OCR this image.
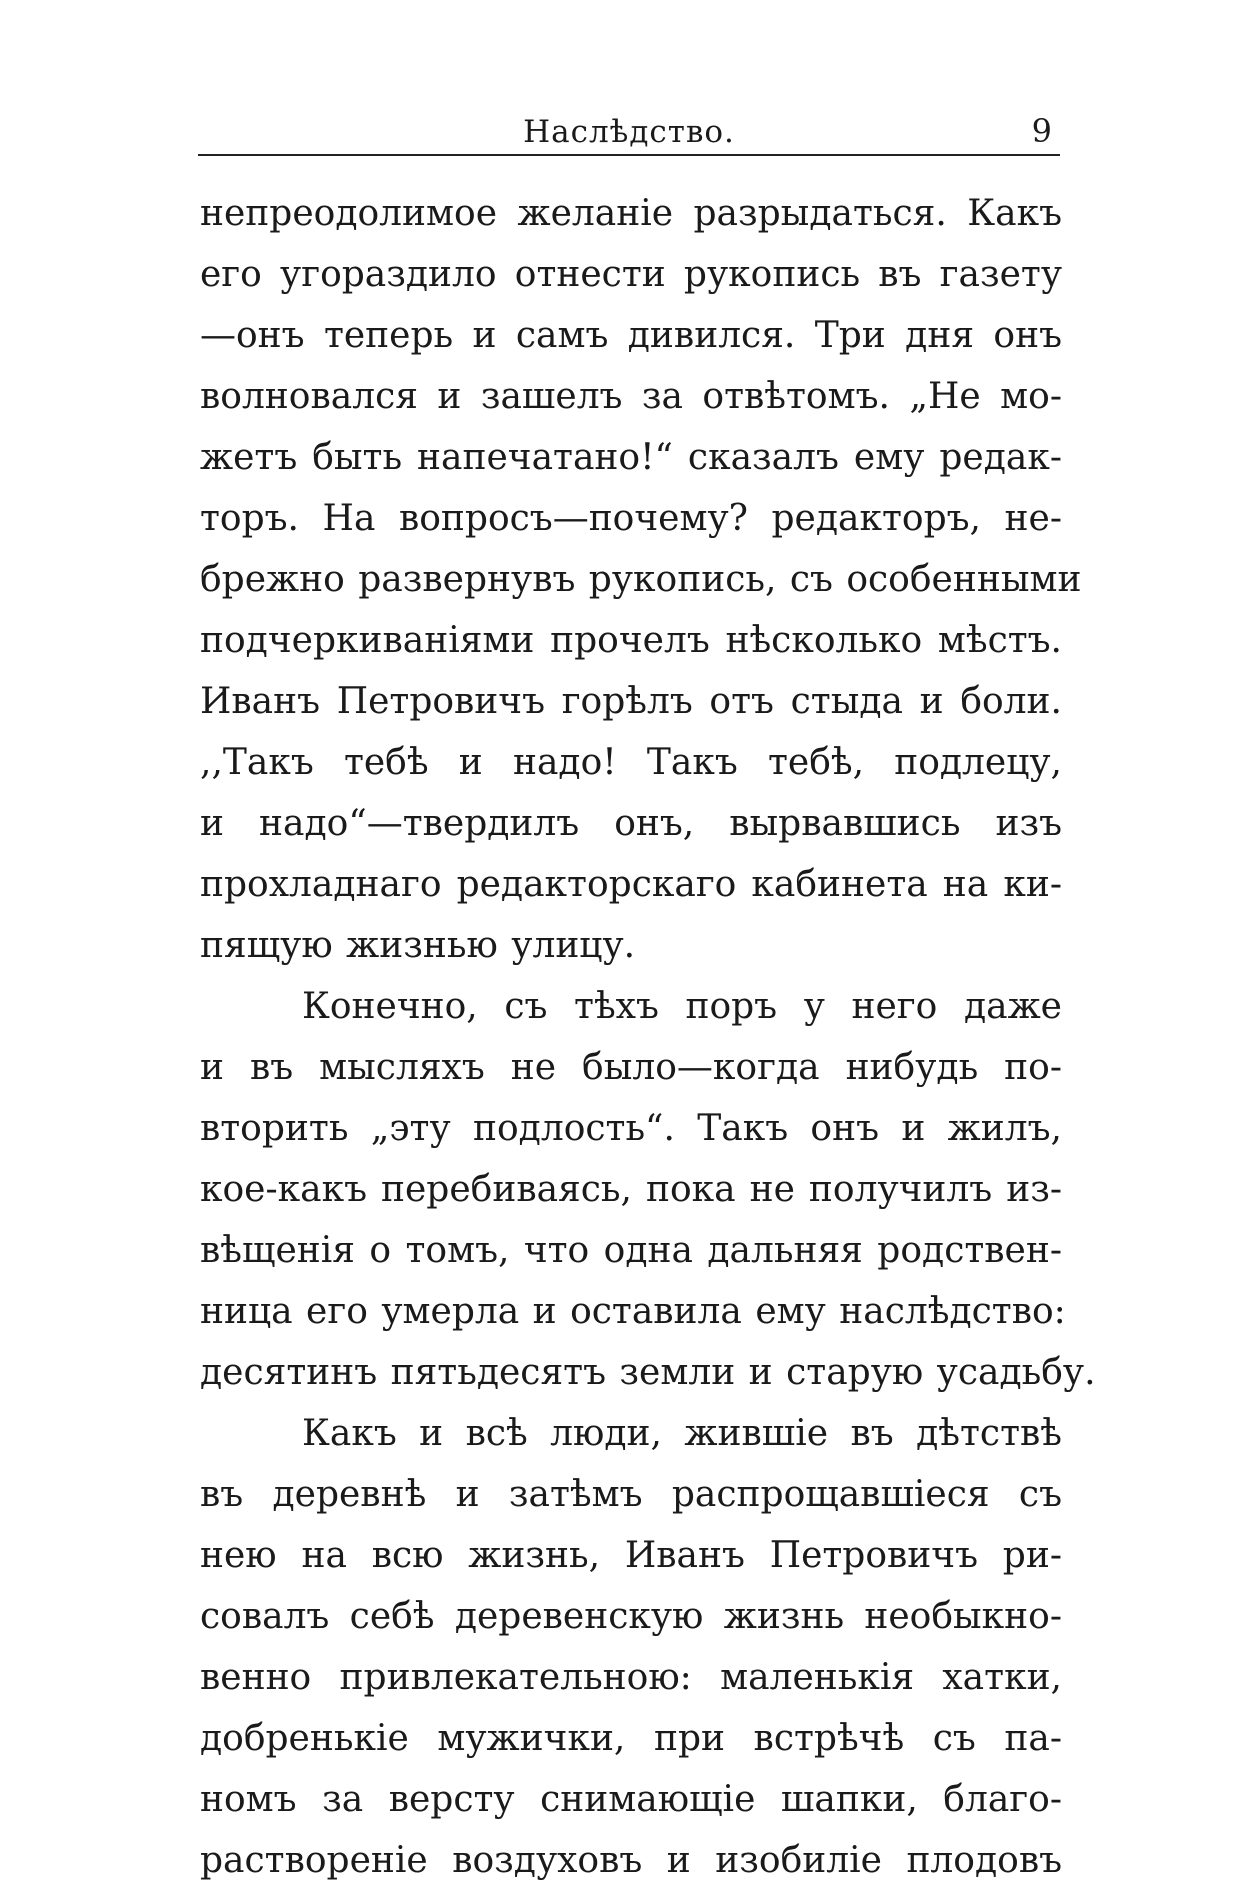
Наслѣдство.	9
непреодолимое желаніе разрыдаться. Какъ
его угораздило отнести рукопись въ газету
—онъ теперь и самъ дивился. Три дня онъ
волновался и зашелъ за отвѣтомъ. „Не мо-
жетъ быть напечатано!“ сказалъ ему редак-
торъ. На вопросъ—почему? редакторъ, не-
брежно развернувъ рукопись, съ особенными
подчеркиваніями прочелъ нѣсколько мѣстъ.
Иванъ Петровичъ горѣлъ отъ стыда и боли.
,,Такъ тебѣ и надо! Такъ тебѣ, подлецу,
и надо“—твердилъ онъ, вырвавшись изъ
прохладнаго редакторскаго кабинета на ки-
пящую жизнью улицу.
Конечно, съ тѣхъ поръ у него даже
и въ мысляхъ не было—когда нибудь по-
вторить „эту подлость“. Такъ онъ и жилъ,
кое-какъ перебиваясь, пока не получилъ из-
вѣщенія о томъ, что одна дальняя родствен-
ница его умерла и оставила ему наслѣдство:
десятинъ пятьдесятъ земли и старую усадьбу.
Какъ и всѣ люди, жившіе въ дѣтствѣ
въ деревнѣ и затѣмъ распрощавшіеся съ
нею на всю жизнь, Иванъ Петровичъ ри-
совалъ себѣ деревенскую жизнь необыкно-
венно привлекательною: маленькія хатки,
добренькіе мужички, при встрѣчѣ съ па-
номъ за версту снимающіе шапки, благо-
раствореніе воздуховъ и изобиліе плодовъ
